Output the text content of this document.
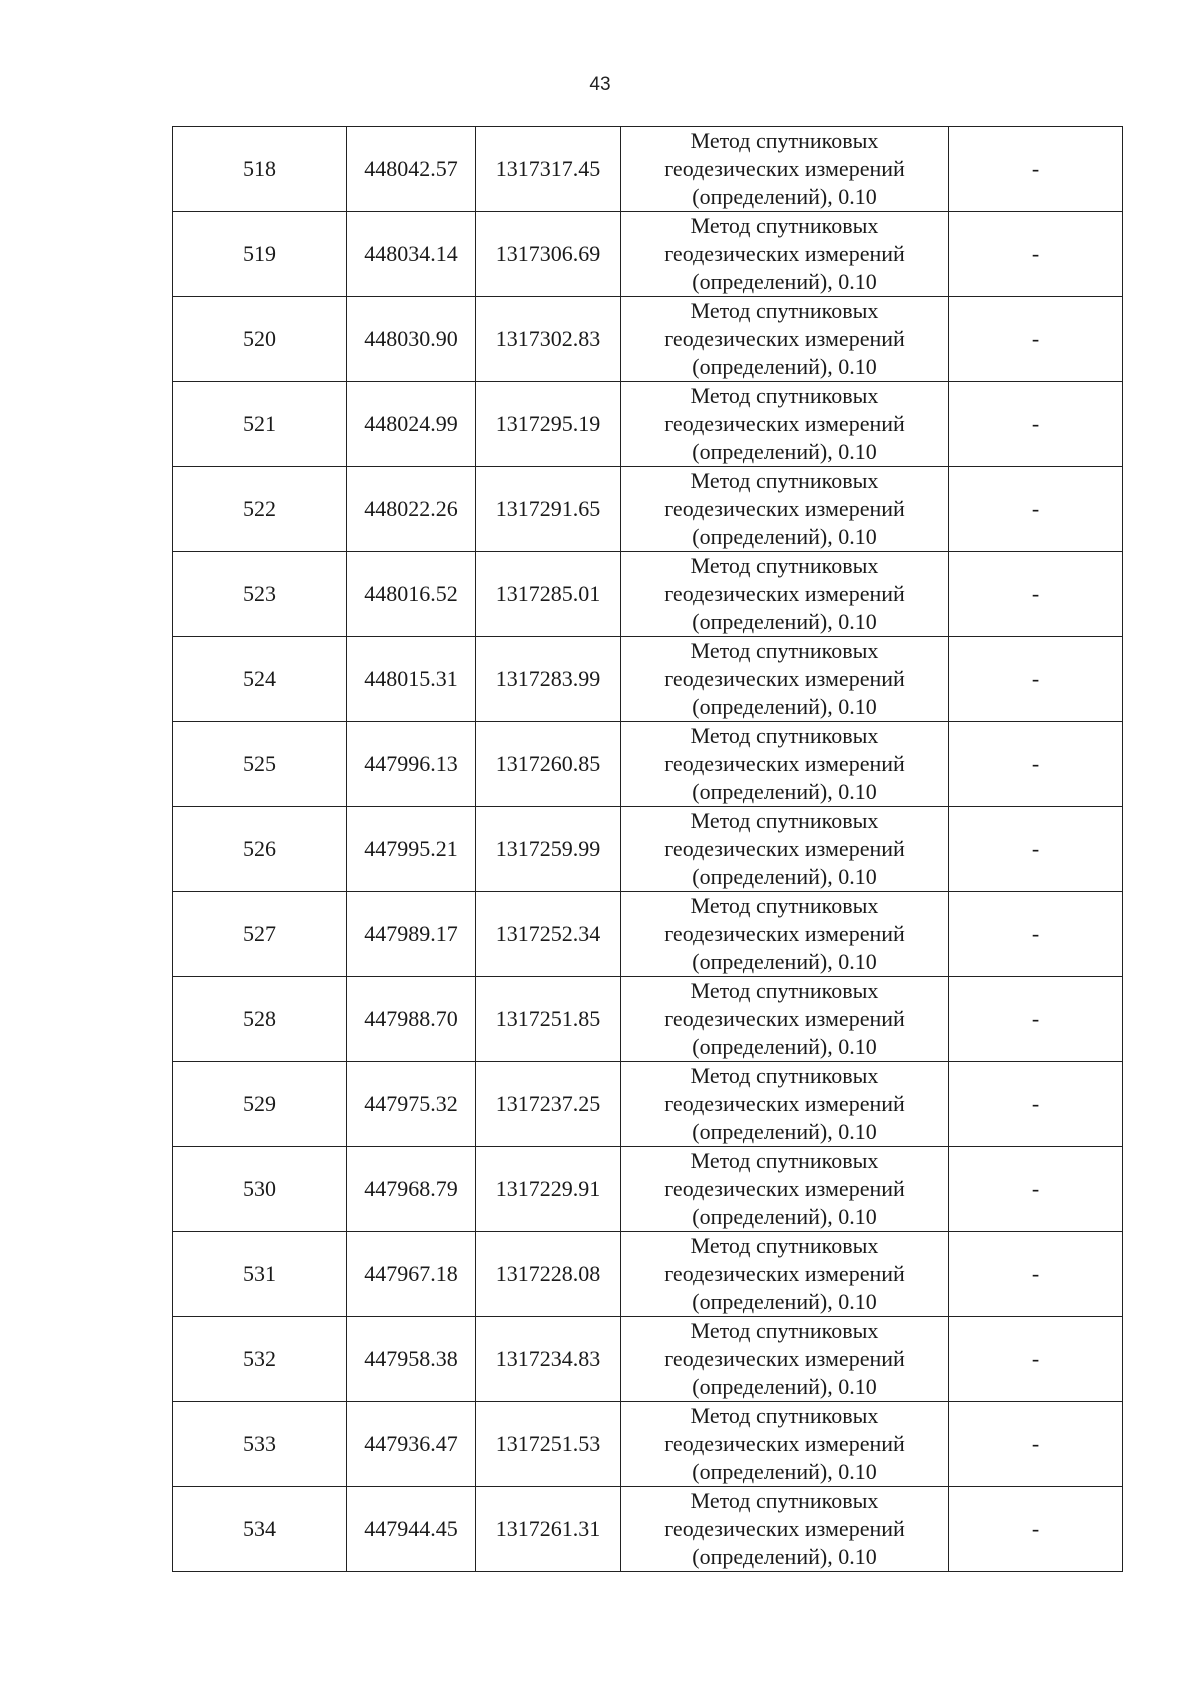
43
518	448042.57	1317317.45	Метод спутниковых
геодезических измерений
(определений), 0.10	-
519	448034.14	1317306.69	Метод спутниковых
геодезических измерений
(определений), 0.10	-
520	448030.90	1317302.83	Метод спутниковых
геодезических измерений
(определений), 0.10	-
521	448024.99	1317295.19	Метод спутниковых
геодезических измерений
(определений), 0.10	-
522	448022.26	1317291.65	Метод спутниковых
геодезических измерений
(определений), 0.10	-
523	448016.52	1317285.01	Метод спутниковых
геодезических измерений
(определений), 0.10	-
524	448015.31	1317283.99	Метод спутниковых
геодезических измерений
(определений), 0.10	-
525	447996.13	1317260.85	Метод спутниковых
геодезических измерений
(определений), 0.10	-
526	447995.21	1317259.99	Метод спутниковых
геодезических измерений
(определений), 0.10	-
527	447989.17	1317252.34	Метод спутниковых
геодезических измерений
(определений), 0.10	-
528	447988.70	1317251.85	Метод спутниковых
геодезических измерений
(определений), 0.10	-
529	447975.32	1317237.25	Метод спутниковых
геодезических измерений
(определений), 0.10	-
530	447968.79	1317229.91	Метод спутниковых
геодезических измерений
(определений), 0.10	-
531	447967.18	1317228.08	Метод спутниковых
геодезических измерений
(определений), 0.10	-
532	447958.38	1317234.83	Метод спутниковых
геодезических измерений
(определений), 0.10	-
533	447936.47	1317251.53	Метод спутниковых
геодезических измерений
(определений), 0.10	-
534	447944.45	1317261.31	Метод спутниковых
геодезических измерений
(определений), 0.10	-
